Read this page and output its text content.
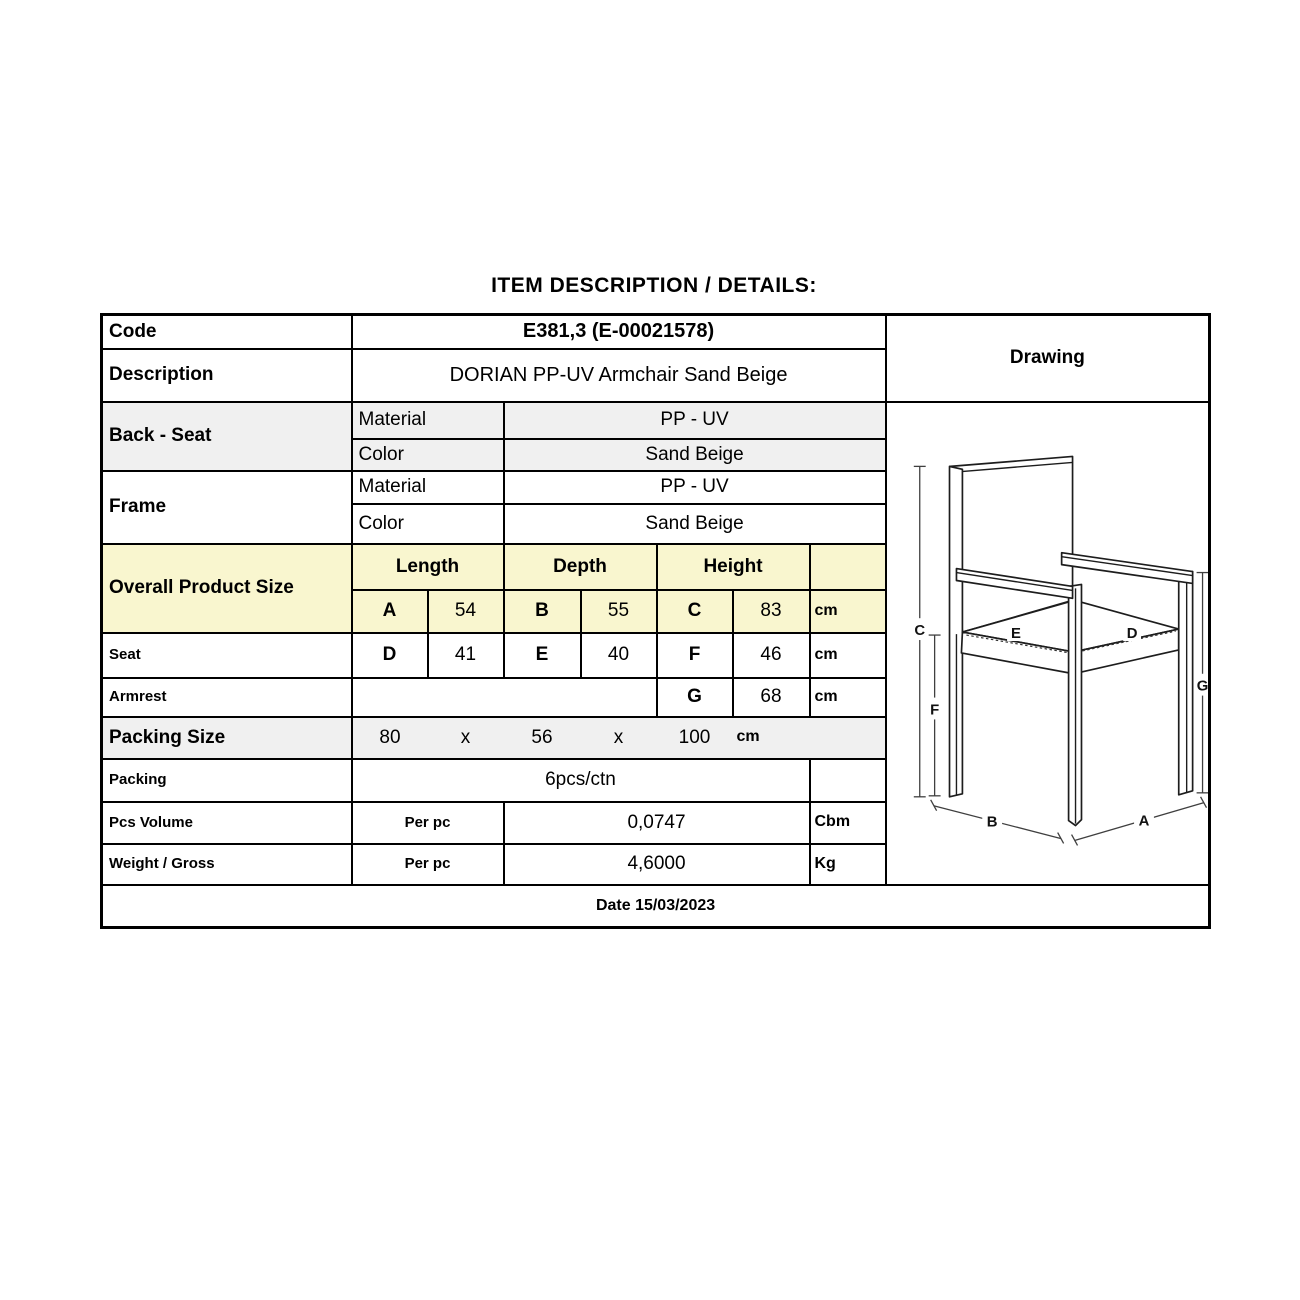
ITEM DESCRIPTION / DETAILS:
Code	E381,3 (E-00021578)							Drawing
Description	DORIAN PP-UV Armchair Sand Beige							
Back - Seat	Material	PP - UV	
E	D
C
F
G
B	A

	Color		Sand Beige					
Frame	Material		PP - UV					
	Color		Sand Beige					
Overall Product Size	Length		Depth		Height			
	A	54	B	55	C	83	cm	
Seat	D	41	E	40	F	46	cm	
Armrest					G	68	cm	
Packing Size	80	x	56	x	100	cm		
Packing	6pcs/ctn							
Pcs Volume	Per pc		0,0747				Cbm	
Weight / Gross	Per pc		4,6000				Kg	
Date 15/03/2023								
